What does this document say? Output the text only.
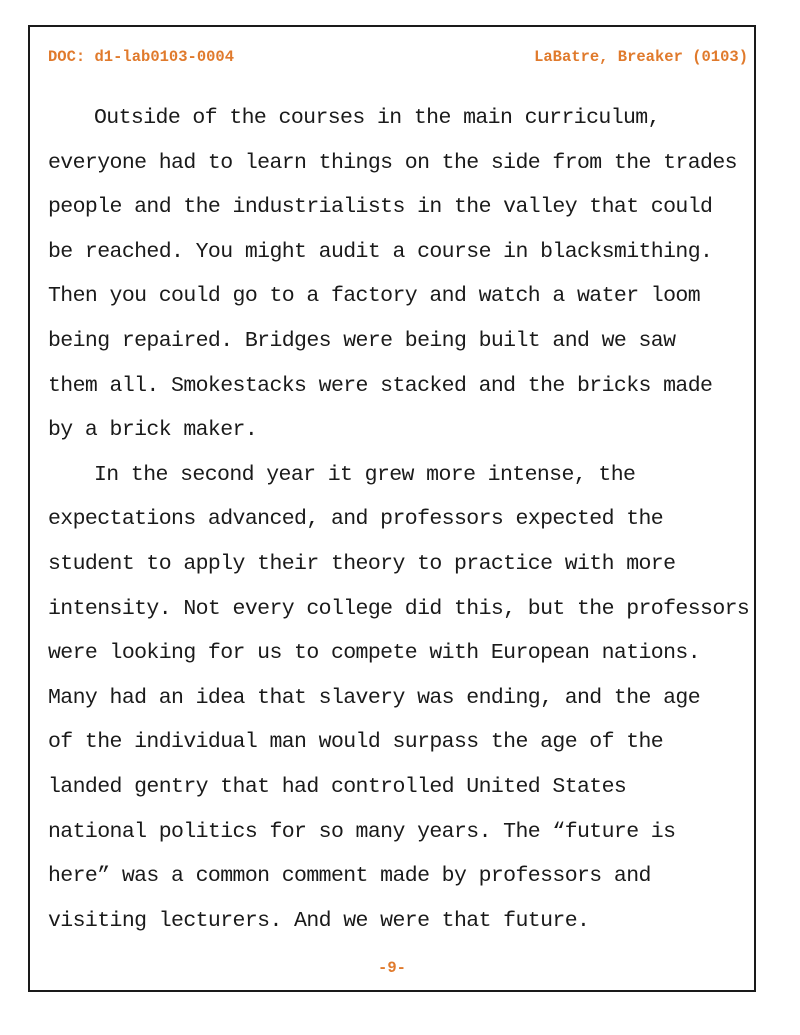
DOC: d1-lab0103-0004	LaBatre, Breaker (0103)
Outside of the courses in the main curriculum,
everyone had to learn things on the side from the trades
people and the industrialists in the valley that could
be reached. You might audit a course in blacksmithing.
Then you could go to a factory and watch a water loom
being repaired. Bridges were being built and we saw
them all. Smokestacks were stacked and the bricks made
by a brick maker.
In the second year it grew more intense, the
expectations advanced, and professors expected the
student to apply their theory to practice with more
intensity. Not every college did this, but the professors
were looking for us to compete with European nations.
Many had an idea that slavery was ending, and the age
of the individual man would surpass the age of the
landed gentry that had controlled United States
national politics for so many years. The “future is
here” was a common comment made by professors and
visiting lecturers. And we were that future.
-9-
